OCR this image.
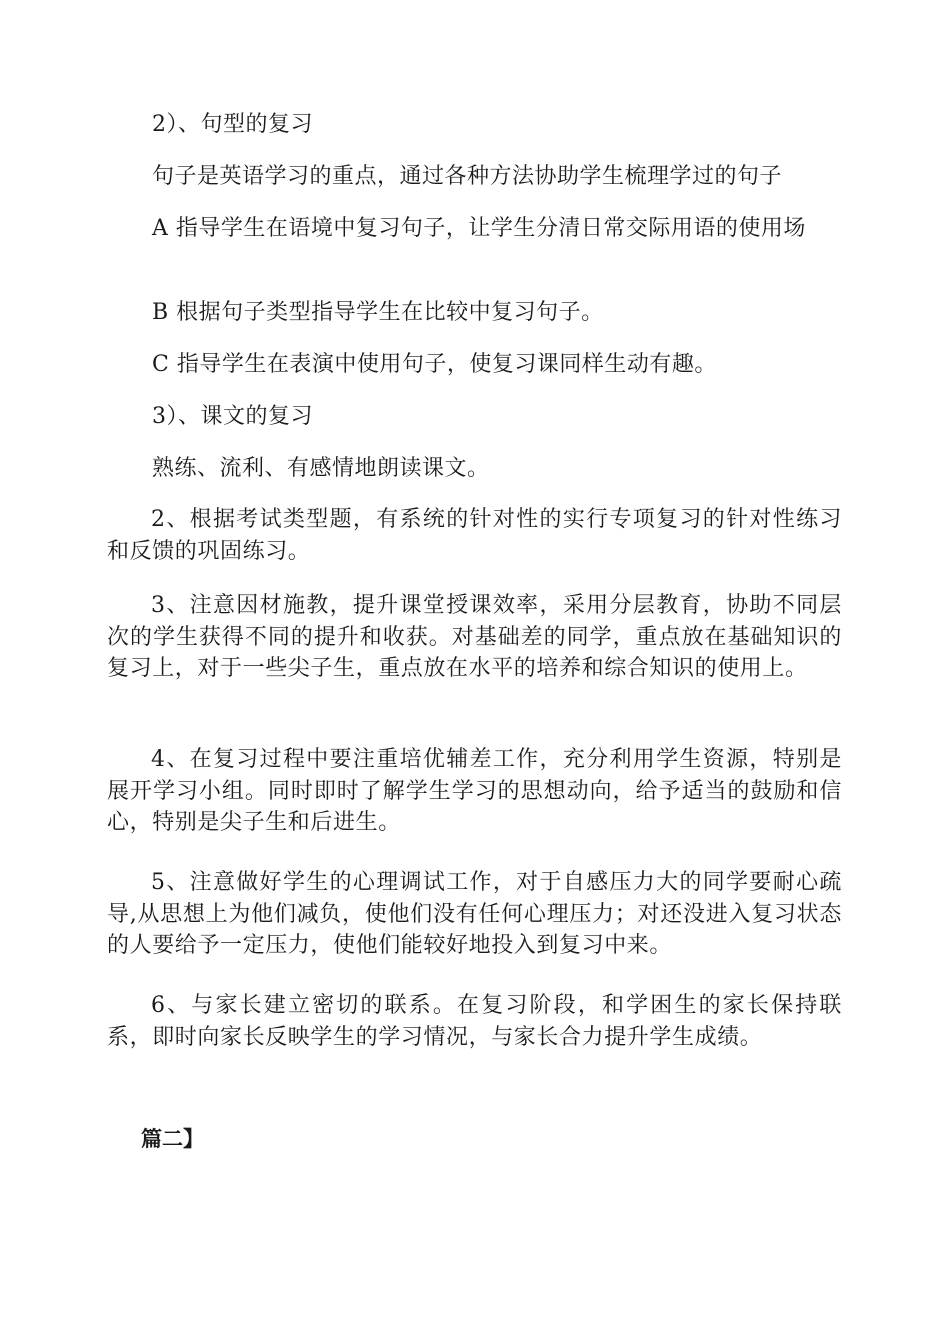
2）、句型的复习
句子是英语学习的重点，通过各种方法协助学生梳理学过的句子
A 指导学生在语境中复习句子，让学生分清日常交际用语的使用场
B 根据句子类型指导学生在比较中复习句子。
C 指导学生在表演中使用句子，使复习课同样生动有趣。
3）、课文的复习
熟练、流利、有感情地朗读课文。
2、根据考试类型题，有系统的针对性的实行专项复习的针对性练习和反馈的巩固练习。
3、注意因材施教，提升课堂授课效率，采用分层教育，协助不同层次的学生获得不同的提升和收获。对基础差的同学，重点放在基础知识的复习上，对于一些尖子生，重点放在水平的培养和综合知识的使用上。
4、在复习过程中要注重培优辅差工作，充分利用学生资源，特别是展开学习小组。同时即时了解学生学习的思想动向，给予适当的鼓励和信心，特别是尖子生和后进生。
5、注意做好学生的心理调试工作，对于自感压力大的同学要耐心疏导,从思想上为他们减负，使他们没有任何心理压力；对还没进入复习状态的人要给予一定压力，使他们能较好地投入到复习中来。
6、与家长建立密切的联系。在复习阶段，和学困生的家长保持联系，即时向家长反映学生的学习情况，与家长合力提升学生成绩。
篇二】
